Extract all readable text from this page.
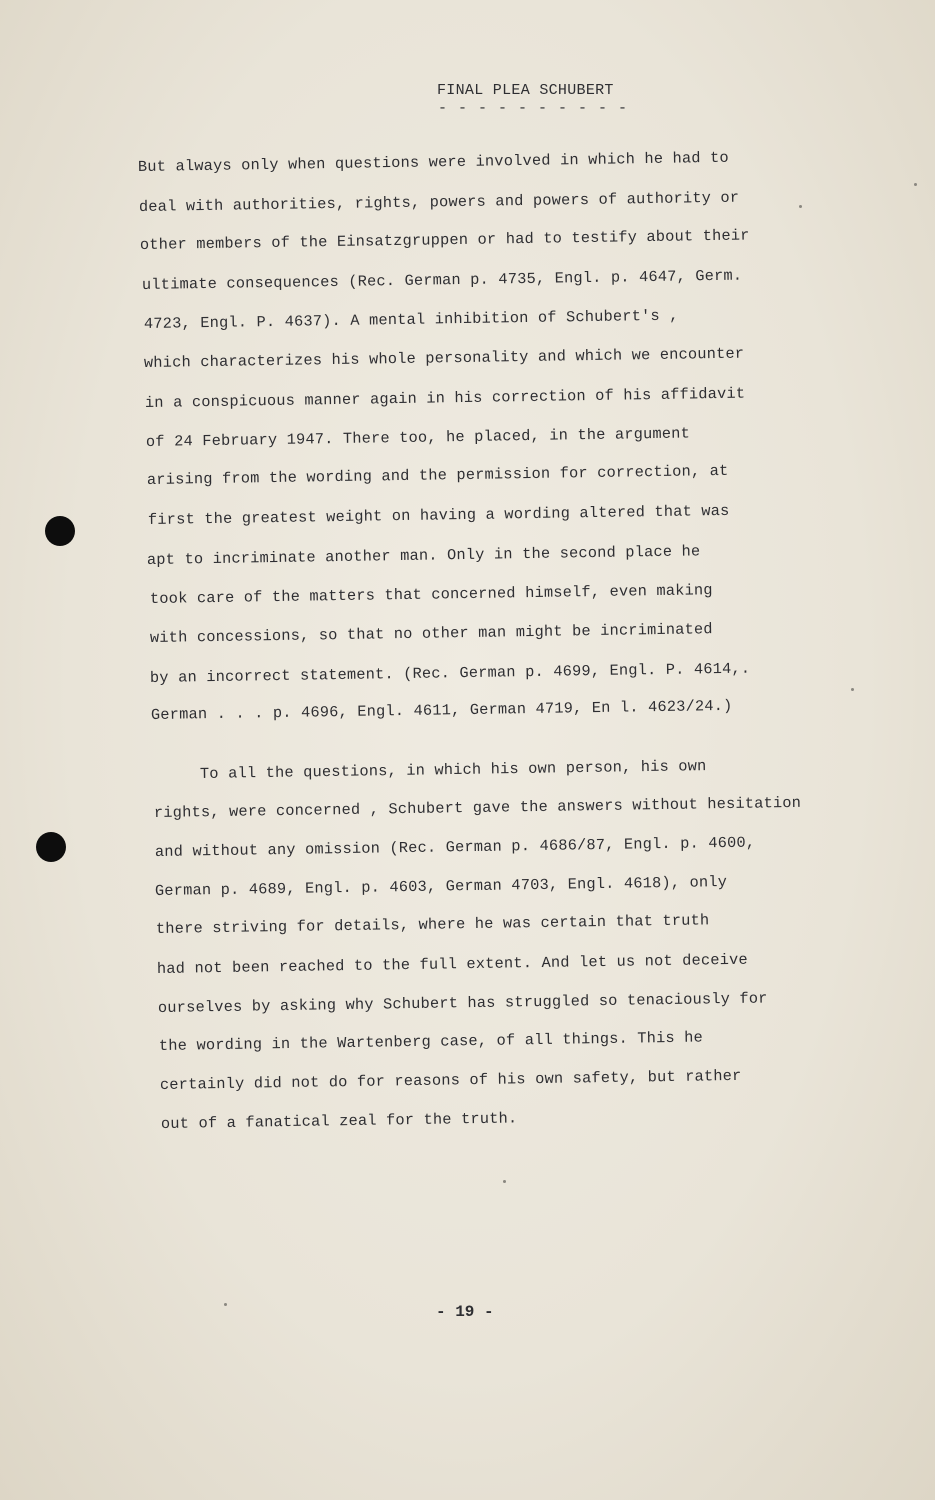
FINAL PLEA SCHUBERT
- - - - - - - - - -
But always only when questions were involved in which he had to
deal with authorities, rights, powers and powers of authority or
other members of the Einsatzgruppen or had to testify about their
ultimate consequences (Rec. German p. 4735, Engl. p. 4647, Germ.
4723, Engl. P. 4637). A mental inhibition of Schubert's ,
which characterizes his whole personality and which we encounter
in a conspicuous manner again in his correction of his affidavit
of 24 February 1947. There too, he placed, in the argument
arising from the wording and the permission for correction, at
first the greatest weight on having a wording altered that was
apt to incriminate another man. Only in the second place he
took care of the matters that concerned himself, even making
with concessions, so that no other man might be incriminated
by an incorrect statement. (Rec. German p. 4699, Engl. P. 4614,.
German . . . p. 4696, Engl. 4611, German 4719, En l. 4623/24.)
To all the questions, in which his own person, his own
rights, were concerned , Schubert gave the answers without hesitation
and without any omission (Rec. German p. 4686/87, Engl. p. 4600,
German p. 4689, Engl. p. 4603, German 4703, Engl. 4618), only
there striving for details, where he was certain that truth
had not been reached to the full extent. And let us not deceive
ourselves by asking why Schubert has struggled so tenaciously for
the wording in the Wartenberg case, of all things. This he
certainly did not do for reasons of his own safety, but rather
out of a fanatical zeal for the truth.
- 19 -
